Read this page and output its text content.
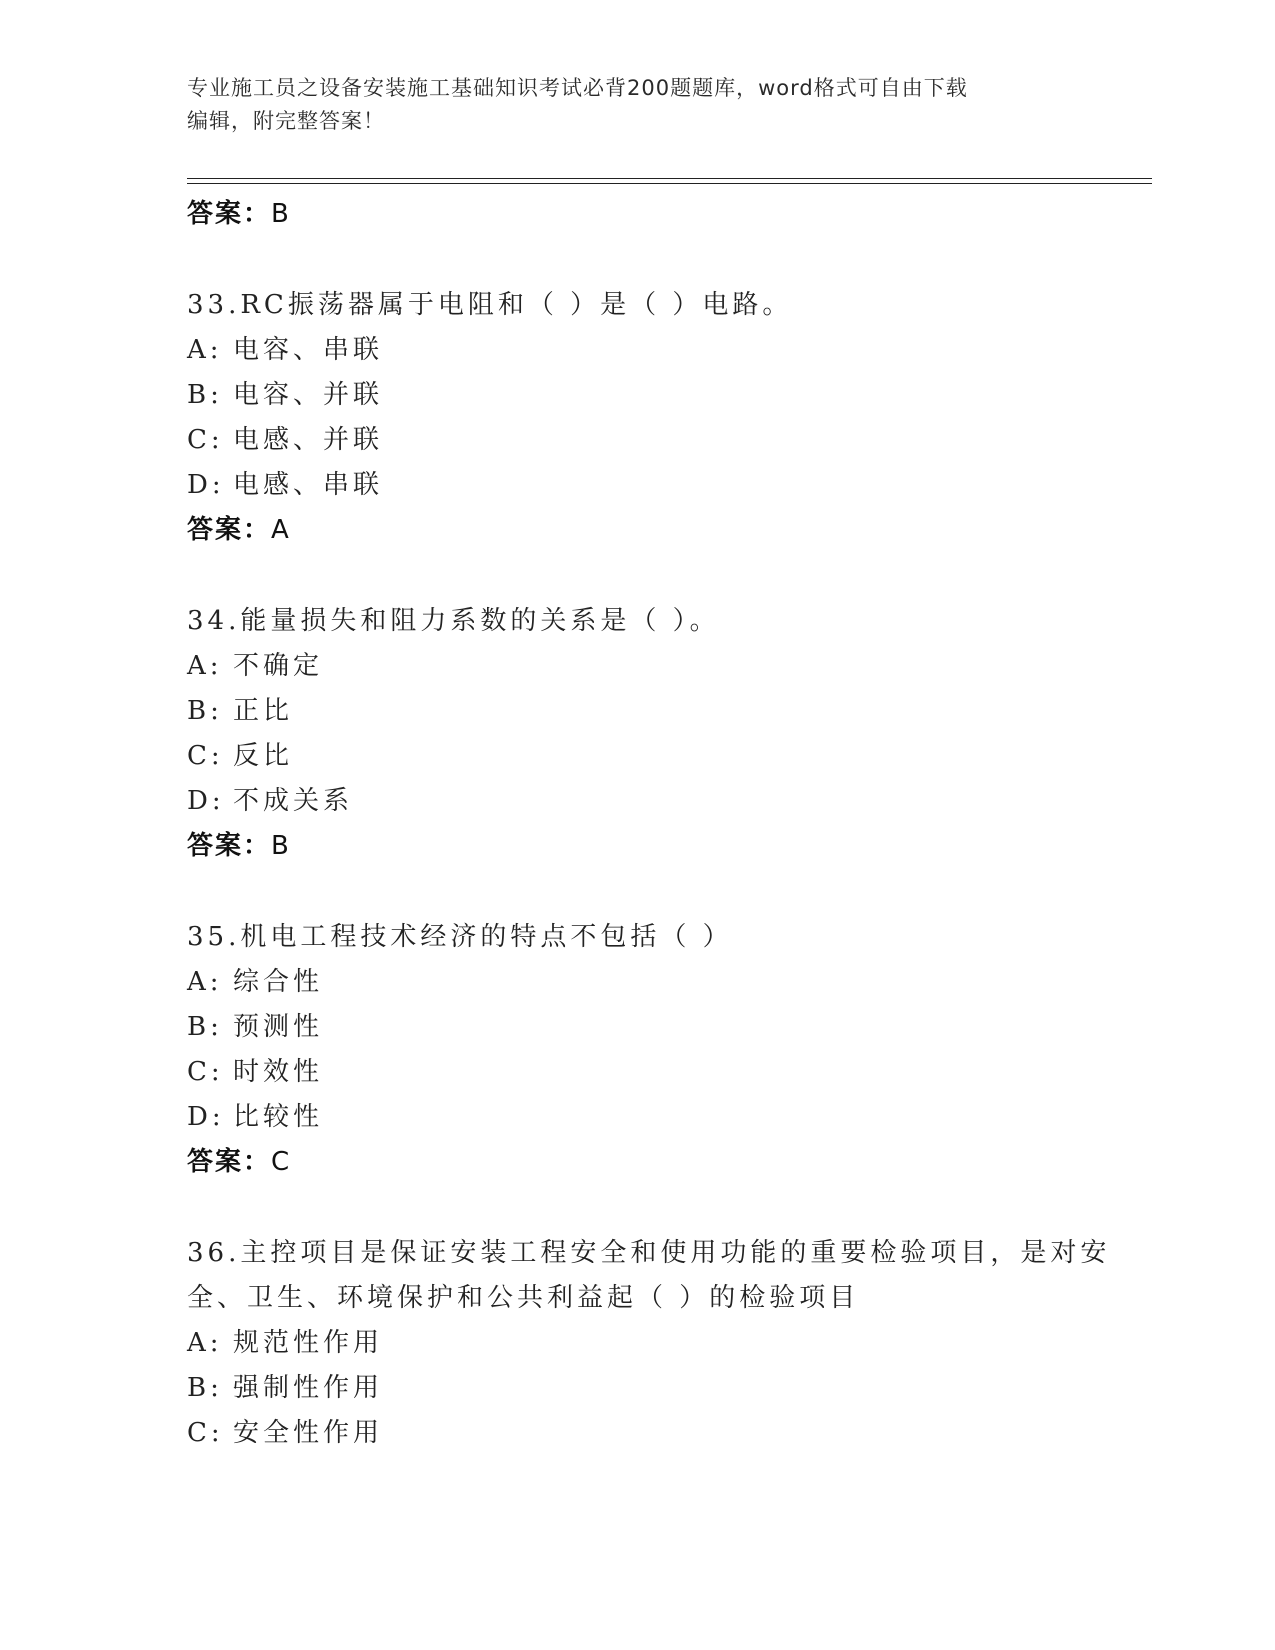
专业施工员之设备安装施工基础知识考试必背200题题库，word格式可自由下载
编辑，附完整答案！
答案：B
33.RC振荡器属于电阻和（ ）是（ ）电路。
A: 电容、串联
B: 电容、并联
C: 电感、并联
D: 电感、串联
答案：A
34.能量损失和阻力系数的关系是（ ）。
A: 不确定
B: 正比
C: 反比
D: 不成关系
答案：B
35.机电工程技术经济的特点不包括（ ）
A: 综合性
B: 预测性
C: 时效性
D: 比较性
答案：C
36.主控项目是保证安装工程安全和使用功能的重要检验项目，是对安
全、卫生、环境保护和公共利益起（ ）的检验项目
A: 规范性作用
B: 强制性作用
C: 安全性作用
